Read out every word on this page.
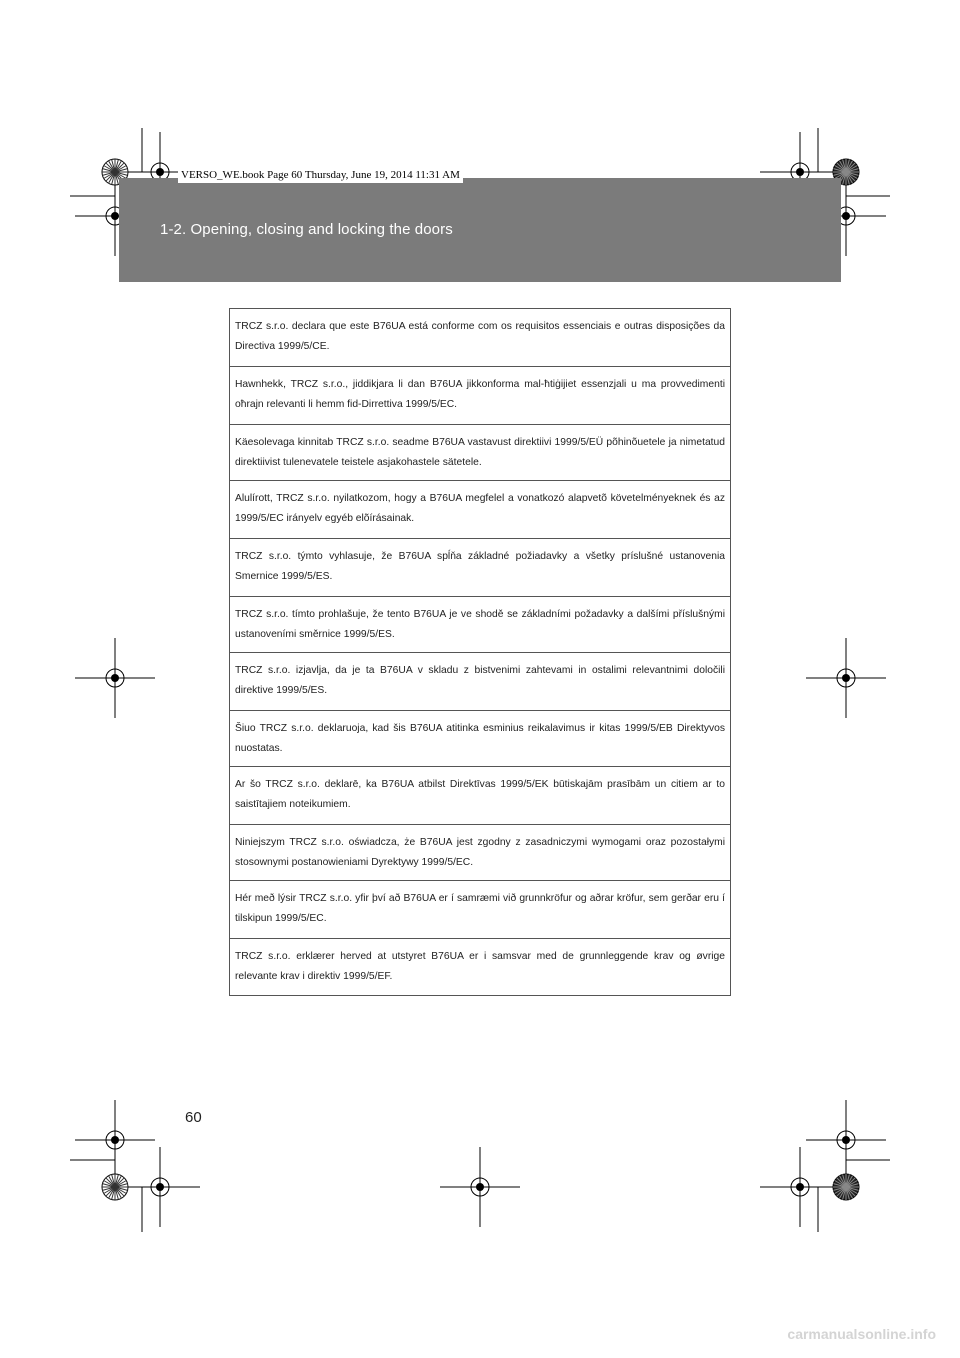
1-2. Opening, closing and locking the doors
VERSO_WE.book Page 60 Thursday, June 19, 2014 11:31 AM

TRCZ s.r.o. declara que este B76UA está conforme com os requisitos essenciais e outras disposições da Directiva 1999/5/CE.

Hawnhekk, TRCZ s.r.o., jiddikjara li dan B76UA jikkonforma mal-ħtiġijiet essenzjali u ma provvedimenti oħrajn relevanti li hemm fid-Dirrettiva 1999/5/EC.

Käesolevaga kinnitab TRCZ s.r.o. seadme B76UA vastavust direktiivi 1999/5/EÜ põhinõuetele ja nimetatud direktiivist tulenevatele teistele asjakohastele sätetele.

Alulírott, TRCZ s.r.o. nyilatkozom, hogy a B76UA megfelel a vonatkozó alapvetõ követelményeknek és az 1999/5/EC irányelv egyéb elõírásainak.

TRCZ s.r.o. týmto vyhlasuje, že B76UA spĺňa základné požiadavky a všetky príslušné ustanovenia Smernice 1999/5/ES.

TRCZ s.r.o. tímto prohlašuje, že tento B76UA je ve shodě se základními požadavky a dalšími příslušnými ustanoveními směrnice 1999/5/ES.

TRCZ s.r.o. izjavlja, da je ta B76UA v skladu z bistvenimi zahtevami in ostalimi relevantnimi določili direktive 1999/5/ES.

Šiuo TRCZ s.r.o. deklaruoja, kad šis B76UA atitinka esminius reikalavimus ir kitas 1999/5/EB Direktyvos nuostatas.

Ar šo TRCZ s.r.o. deklarē, ka B76UA atbilst Direktīvas 1999/5/EK būtiskajām prasībām un citiem ar to saistītajiem noteikumiem.

Niniejszym TRCZ s.r.o. oświadcza, że B76UA jest zgodny z zasadniczymi wymogami oraz pozostałymi stosownymi postanowieniami Dyrektywy 1999/5/EC.

Hér með lýsir TRCZ s.r.o. yfir því að B76UA er í samræmi við grunnkröfur og aðrar kröfur, sem gerðar eru í tilskipun 1999/5/EC.

TRCZ s.r.o. erklærer herved at utstyret B76UA er i samsvar med de grunnleggende krav og øvrige relevante krav i direktiv 1999/5/EF.

60
carmanualsonline.info
